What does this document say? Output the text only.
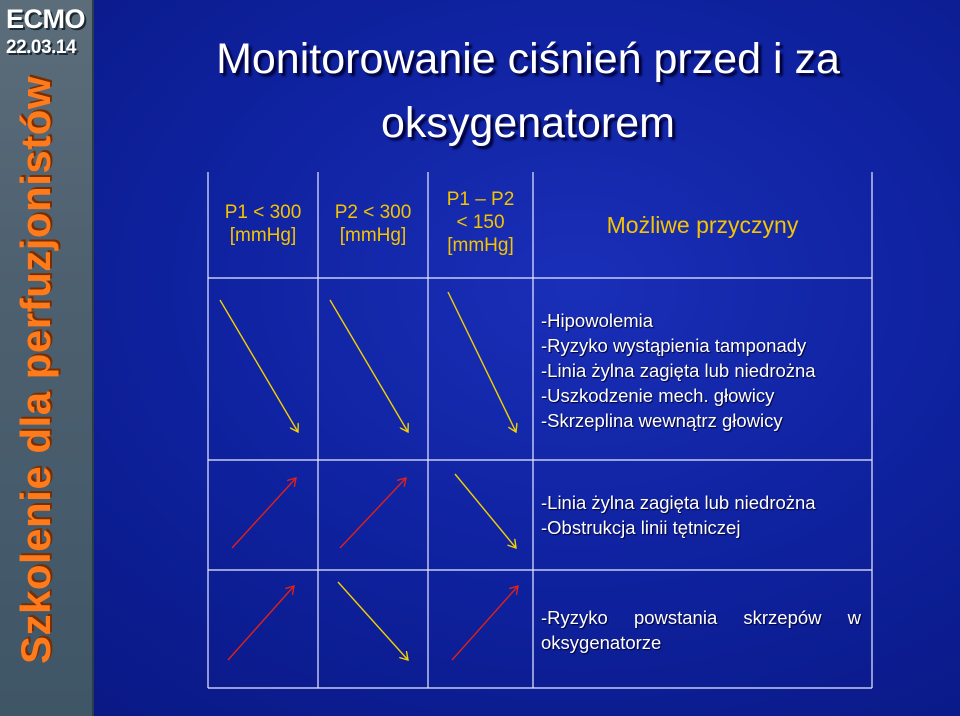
ECMO
22.03.14
Szkolenie dla perfuzjonistów
Monitorowanie ciśnień przed i za
oksygenatorem
P1 < 300
[mmHg]
P2 < 300
[mmHg]
P1 – P2
< 150
[mmHg]
Możliwe przyczyny
-Hipowolemia
-Ryzyko wystąpienia tamponady
-Linia żylna zagięta lub niedrożna
-Uszkodzenie mech. głowicy
-Skrzeplina wewnątrz głowicy
-Linia żylna zagięta lub niedrożna
-Obstrukcja linii tętniczej
-Ryzyko powstania skrzepów w
oksygenatorze
